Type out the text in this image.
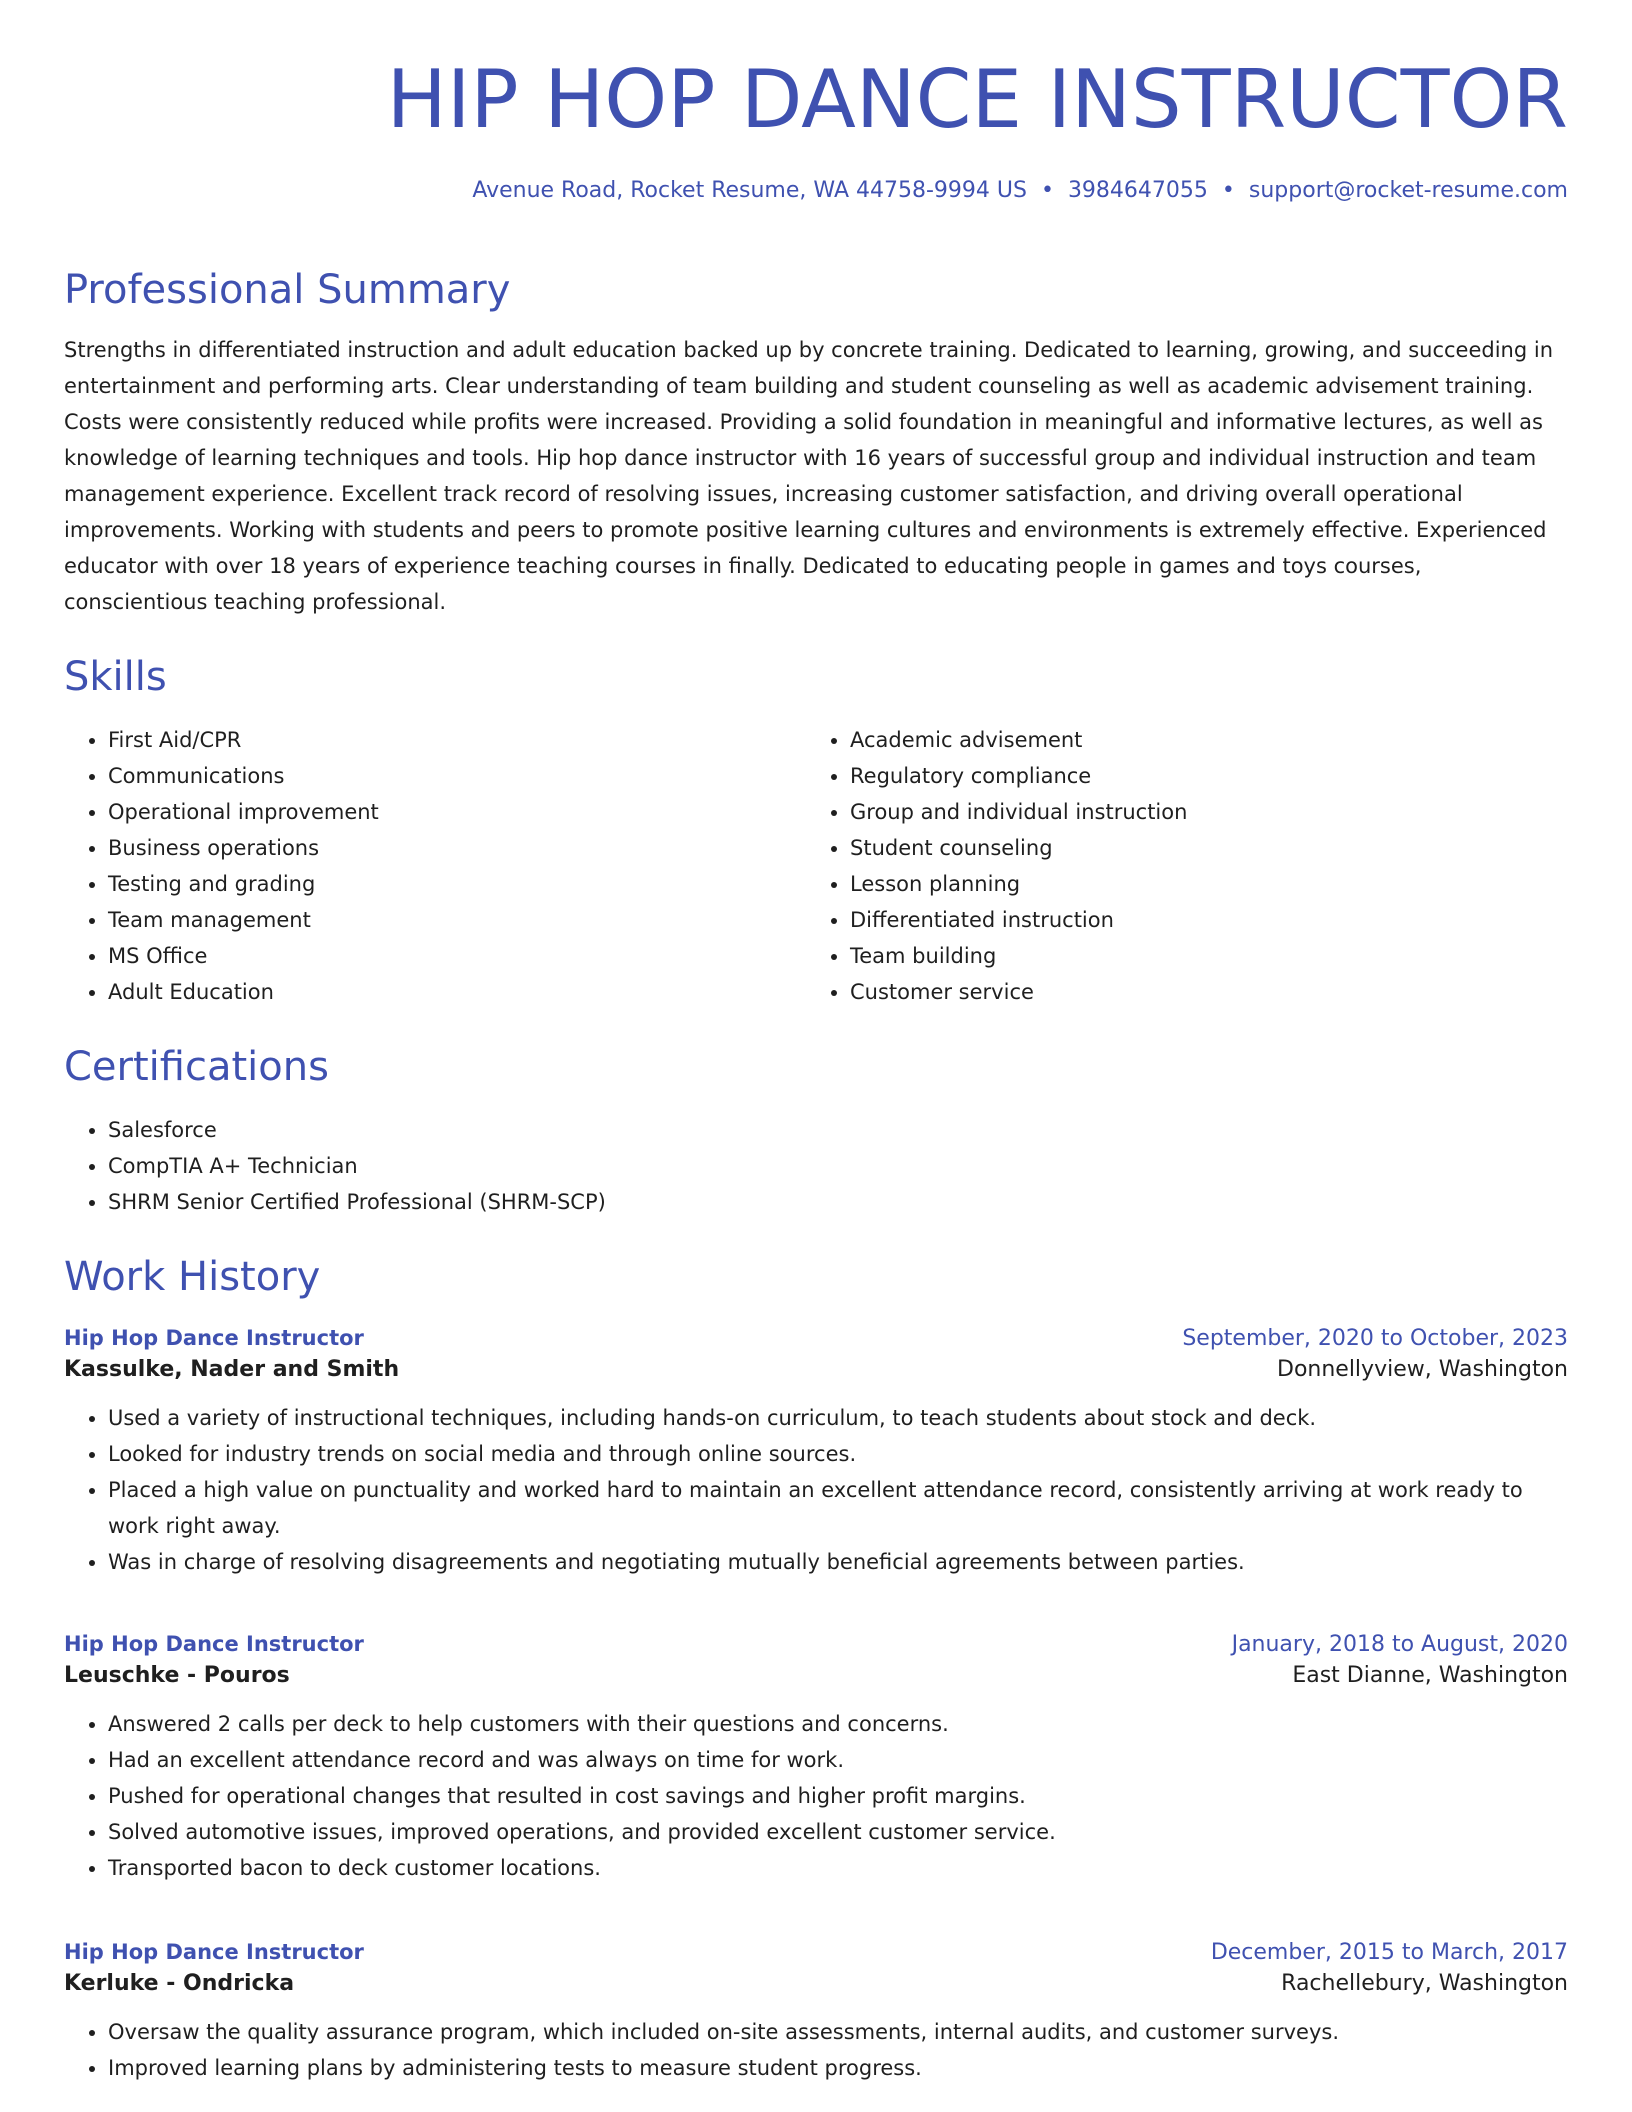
HIP HOP DANCE INSTRUCTOR
Avenue Road, Rocket Resume, WA 44758-9994 US • 3984647055 • support@rocket-resume.com
Professional Summary

Strengths in differentiated instruction and adult education backed up by concrete training. Dedicated to learning, growing, and succeeding in entertainment and performing arts. Clear understanding of team building and student counseling as well as academic advisement training. Costs were consistently reduced while profits were increased. Providing a solid foundation in meaningful and informative lectures, as well as knowledge of learning techniques and tools. Hip hop dance instructor with 16 years of successful group and individual instruction and team management experience. Excellent track record of resolving issues, increasing customer satisfaction, and driving overall operational improvements. Working with students and peers to promote positive learning cultures and environments is extremely effective. Experienced educator with over 18 years of experience teaching courses in finally. Dedicated to educating people in games and toys courses, conscientious teaching professional.

Skills
• First Aid/CPR
• Communications
• Operational improvement
• Business operations
• Testing and grading
• Team management
• MS Office
• Adult Education
• Academic advisement
• Regulatory compliance
• Group and individual instruction
• Student counseling
• Lesson planning
• Differentiated instruction
• Team building
• Customer service
Certifications
• Salesforce
• CompTIA A+ Technician
• SHRM Senior Certified Professional (SHRM-SCP)
Work History
Hip Hop Dance Instructor	September, 2020 to October, 2023
Kassulke, Nader and Smith	Donnellyview, Washington
• Used a variety of instructional techniques, including hands-on curriculum, to teach students about stock and deck.
• Looked for industry trends on social media and through online sources.
• Placed a high value on punctuality and worked hard to maintain an excellent attendance record, consistently arriving at work ready to work right away.
• Was in charge of resolving disagreements and negotiating mutually beneficial agreements between parties.
Hip Hop Dance Instructor	January, 2018 to August, 2020
Leuschke - Pouros	East Dianne, Washington
• Answered 2 calls per deck to help customers with their questions and concerns.
• Had an excellent attendance record and was always on time for work.
• Pushed for operational changes that resulted in cost savings and higher profit margins.
• Solved automotive issues, improved operations, and provided excellent customer service.
• Transported bacon to deck customer locations.
Hip Hop Dance Instructor	December, 2015 to March, 2017
Kerluke - Ondricka	Rachellebury, Washington
• Oversaw the quality assurance program, which included on-site assessments, internal audits, and customer surveys.
• Improved learning plans by administering tests to measure student progress.
